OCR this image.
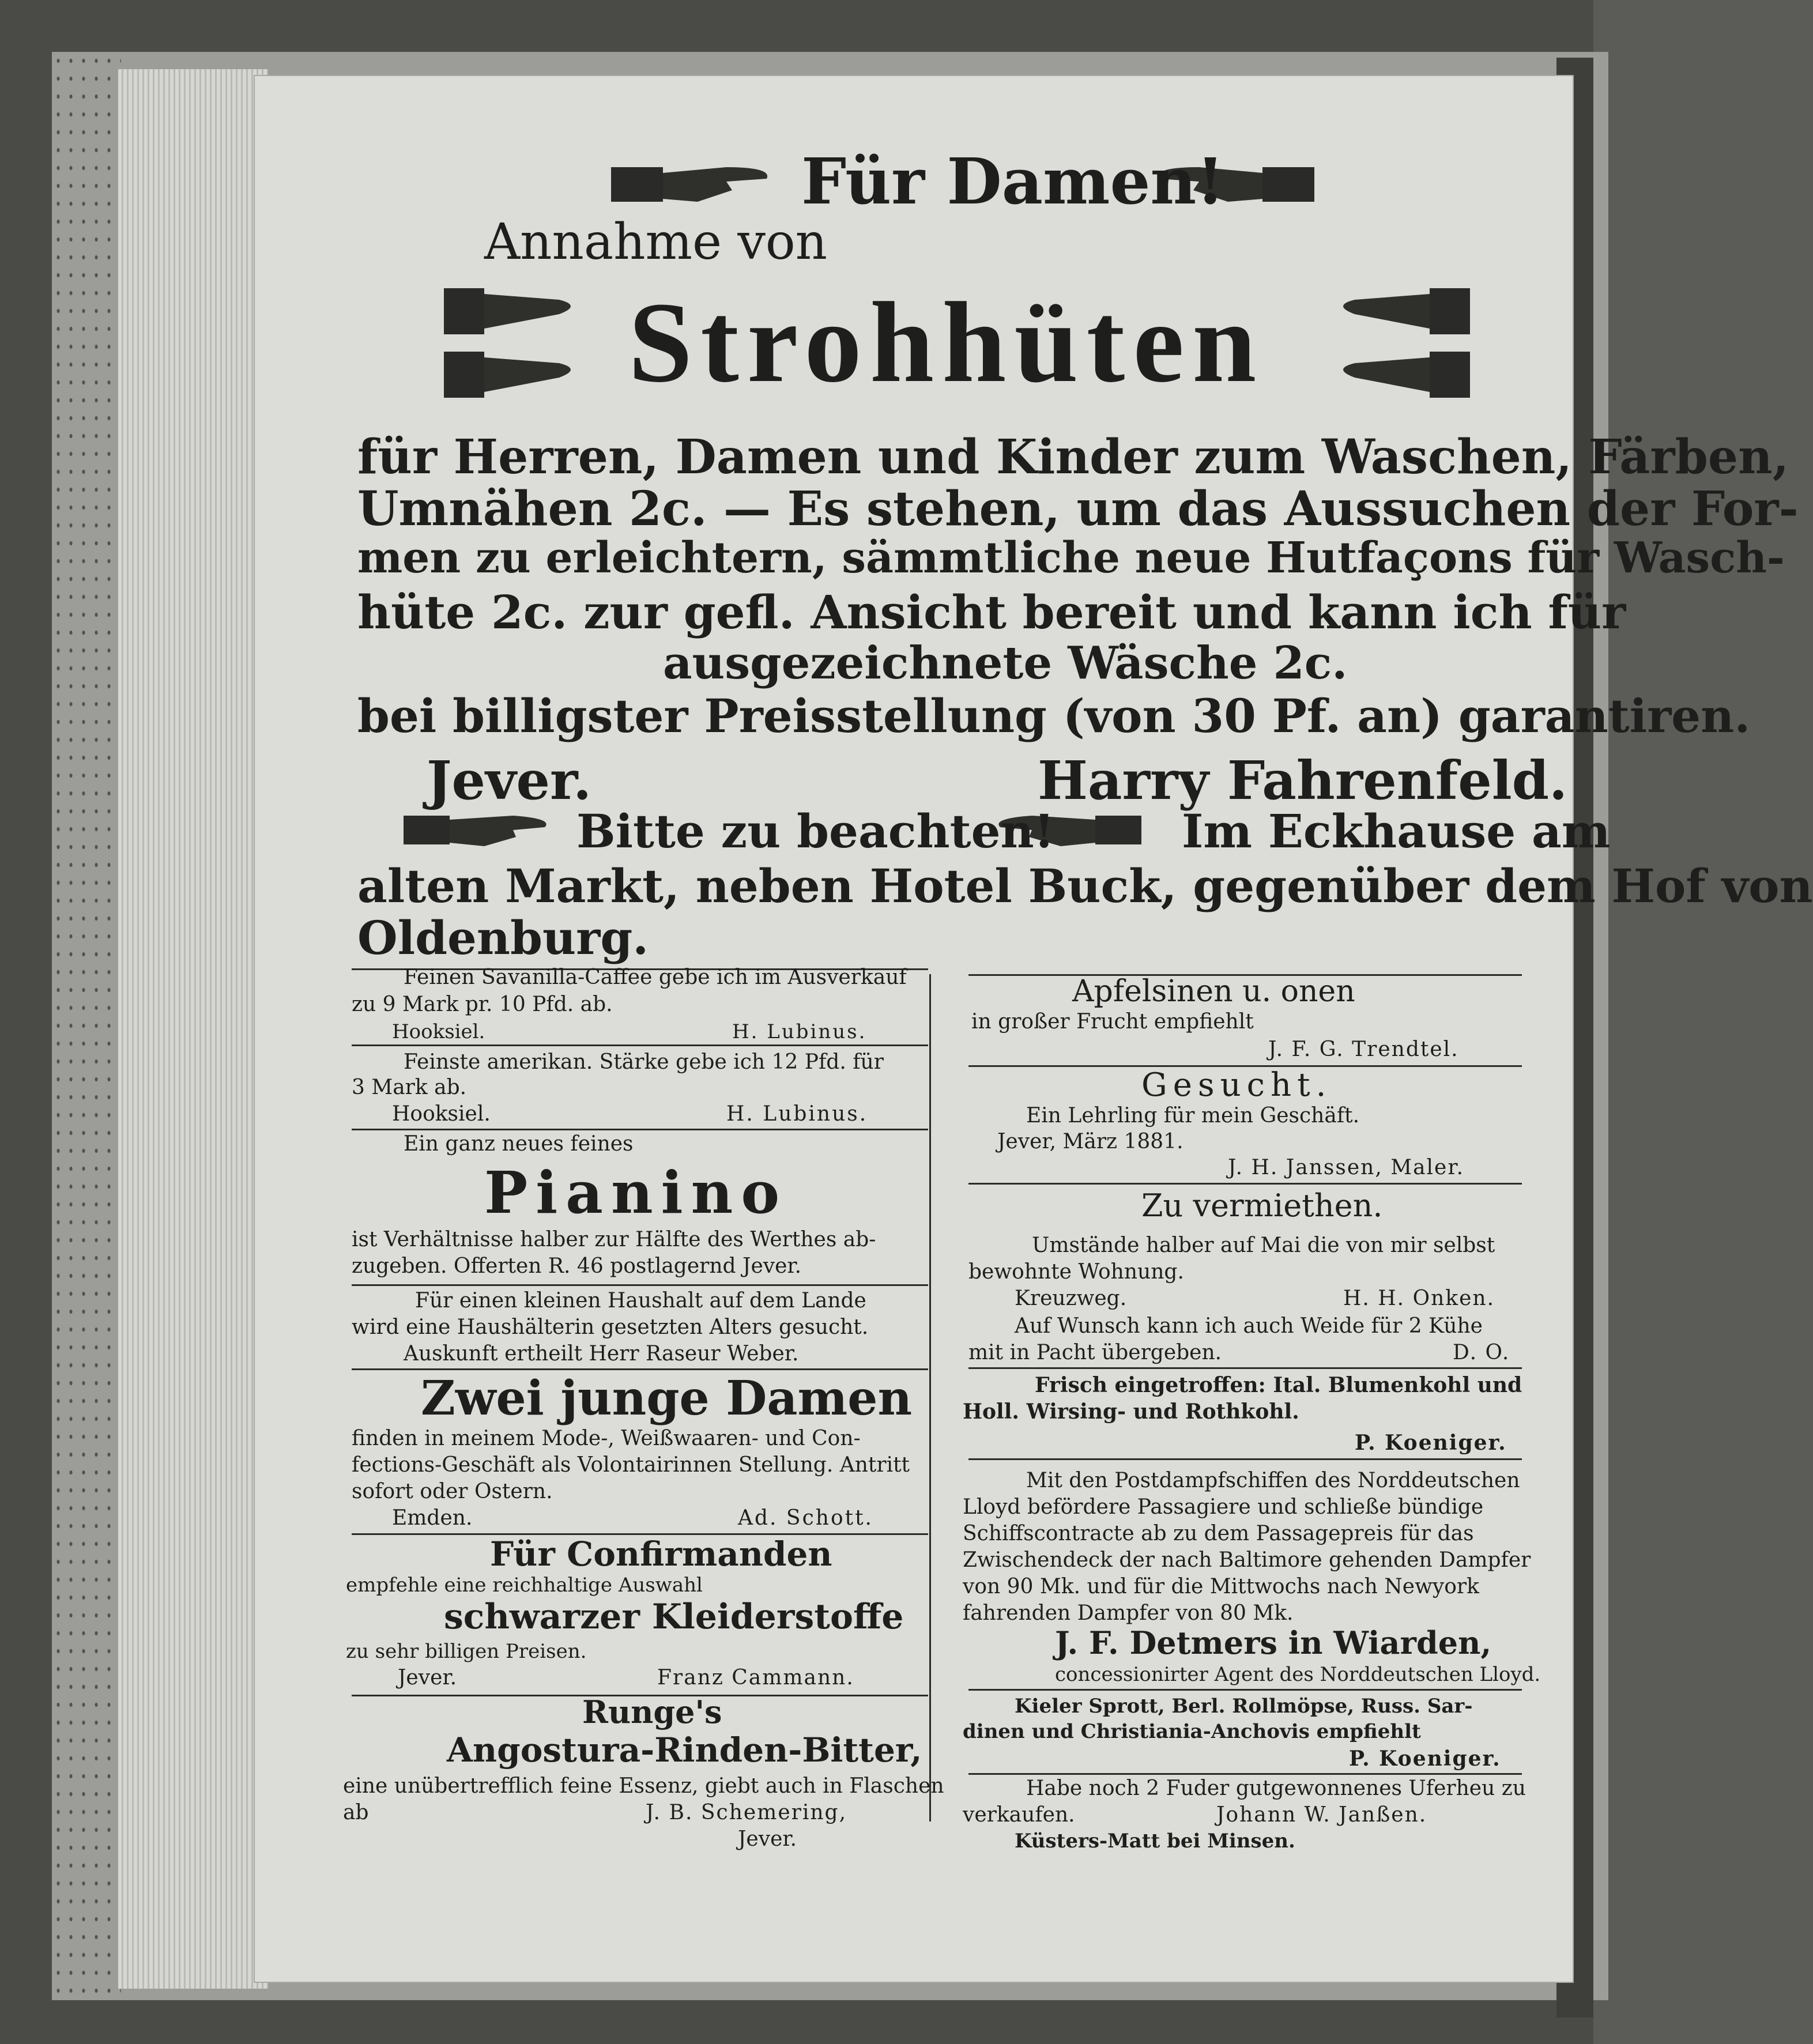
Für Damen!
Annahme von
Strohhüten
für Herren, Damen und Kinder zum Waschen, Färben,
Umnähen 2c. — Es stehen, um das Aussuchen der For-
men zu erleichtern, sämmtliche neue Hutfaçons für Wasch-
hüte 2c. zur gefl. Ansicht bereit und kann ich für
ausgezeichnete Wäsche 2c.
bei billigster Preisstellung (von 30 Pf. an) garantiren.
Jever.	Harry Fahrenfeld.
Bitte zu beachten!	Im Eckhause am
alten Markt, neben Hotel Buck, gegenüber dem Hof von
Oldenburg.
Feinen Savanilla-Caffee gebe ich im Ausverkauf
zu 9 Mark pr. 10 Pfd. ab.
Hooksiel.	H. Lubinus.
Feinste amerikan. Stärke gebe ich 12 Pfd. für
3 Mark ab.
Hooksiel.	H. Lubinus.
Ein ganz neues feines
Pianino
ist Verhältnisse halber zur Hälfte des Werthes ab-
zugeben. Offerten R. 46 postlagernd Jever.
Für einen kleinen Haushalt auf dem Lande
wird eine Haushälterin gesetzten Alters gesucht.
Auskunft ertheilt Herr Raseur Weber.
Zwei junge Damen
finden in meinem Mode-, Weißwaaren- und Con-
fections-Geschäft als Volontairinnen Stellung. Antritt
sofort oder Ostern.
Emden.	Ad. Schott.
Für Confirmanden
empfehle eine reichhaltige Auswahl
schwarzer Kleiderstoffe
zu sehr billigen Preisen.
Jever.	Franz Cammann.
Runge's
Angostura-Rinden-Bitter,
eine unübertrefflich feine Essenz, giebt auch in Flaschen
ab	J. B. Schemering,
Jever.
Apfelsinen u. onen
in großer Frucht empfiehlt
J. F. G. Trendtel.
Gesucht.
Ein Lehrling für mein Geschäft.
Jever, März 1881.
J. H. Janssen, Maler.
Zu vermiethen.
Umstände halber auf Mai die von mir selbst
bewohnte Wohnung.
Kreuzweg.	H. H. Onken.
Auf Wunsch kann ich auch Weide für 2 Kühe
mit in Pacht übergeben.	D. O.
Frisch eingetroffen: Ital. Blumenkohl und
Holl. Wirsing- und Rothkohl.
P. Koeniger.
Mit den Postdampfschiffen des Norddeutschen
Lloyd befördere Passagiere und schließe bündige
Schiffscontracte ab zu dem Passagepreis für das
Zwischendeck der nach Baltimore gehenden Dampfer
von 90 Mk. und für die Mittwochs nach Newyork
fahrenden Dampfer von 80 Mk.
J. F. Detmers in Wiarden,
concessionirter Agent des Norddeutschen Lloyd.
Kieler Sprott, Berl. Rollmöpse, Russ. Sar-
dinen und Christiania-Anchovis empfiehlt
P. Koeniger.
Habe noch 2 Fuder gutgewonnenes Uferheu zu
verkaufen.	Johann W. Janßen.
Küsters-Matt bei Minsen.
